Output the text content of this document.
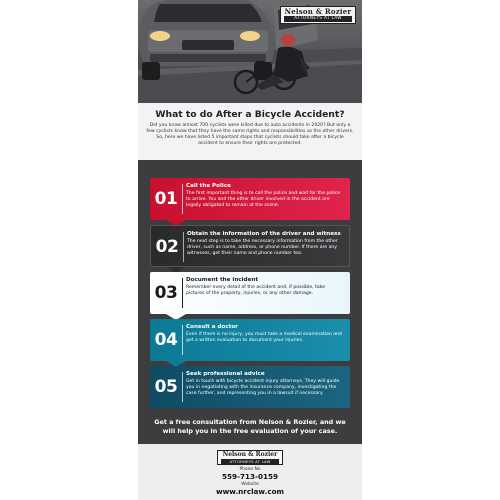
Nelson & Rozier
ATTORNEYS AT LAW
What to do After a Bicycle Accident?
Did you know almost 700 cyclists were killed due to auto accidents in 2020? But only a few cyclists know that they have the same rights and responsibilities as the other drivers. So, here we have listed 5 important steps that cyclists should take after a bicycle accident to ensure their rights are protected.
01
Call the Police
The first important thing is to call the police and wait for the police to arrive. You and the other driver involved in the accident are legally obligated to remain at the scene.
02
Obtain the information of the driver and witness
The next step is to take the necessary information from the other driver, such as name, address, or phone number. If there are any witnesses, get their name and phone number too.
03
Document the incident
Remember every detail of the accident and, if possible, take pictures of the property, injuries, or any other damage.
04
Consult a doctor
Even if there is no injury, you must take a medical examination and get a written evaluation to document your injuries.
05
Seek professional advice
Get in touch with bicycle accident injury attorneys. They will guide you in negotiating with the insurance company, investigating the case further, and representing you in a lawsuit if necessary.
Get a free consultation from Nelson & Rozier, and we will help you in the free evaluation of your case.
Nelson & Rozier
ATTORNEYS AT LAW
Phone No
559-713-0159
Website
www.nrclaw.com
